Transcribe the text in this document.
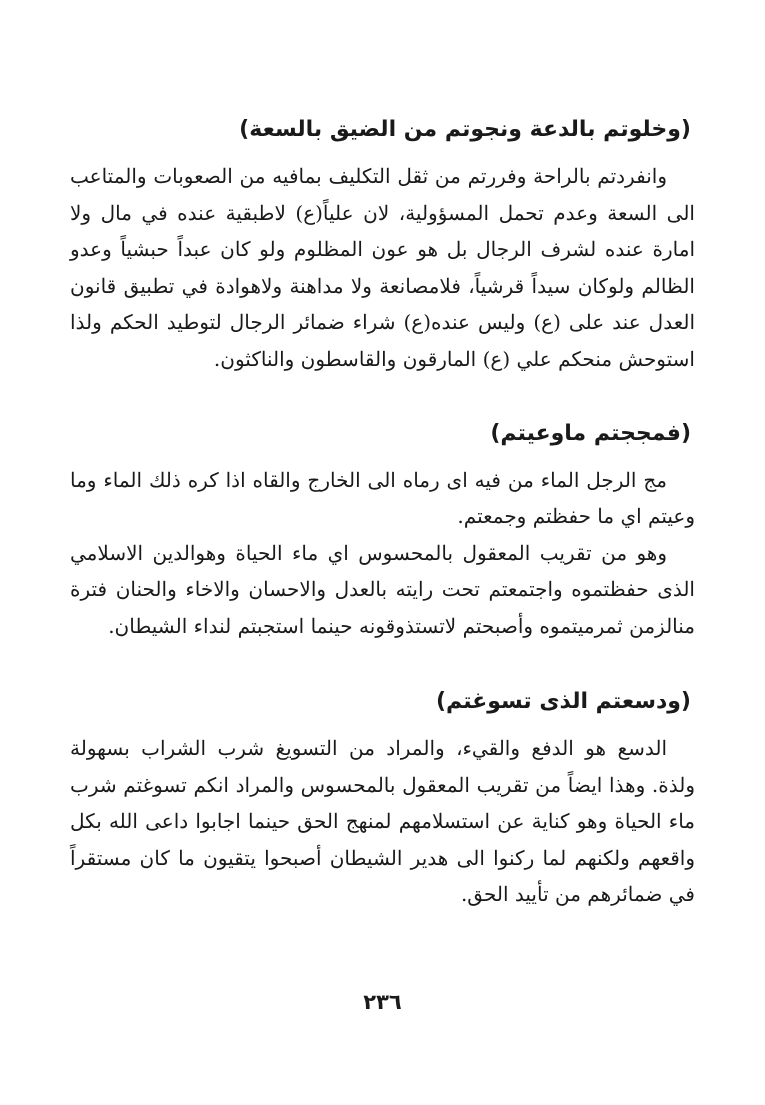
(وخلوتم بالدعة ونجوتم من الضيق بالسعة)

وانفردتم بالراحة وفررتم من ثقل التكليف بمافيه من الصعوبات والمتاعب الى السعة وعدم تحمل المسؤولية، لان علياً(ع) لاطبقية عنده في مال ولا امارة عنده لشرف الرجال بل هو عون المظلوم ولو كان عبداً حبشياً وعدو الظالم ولوكان سيداً قرشياً، فلامصانعة ولا مداهنة ولاهوادة في تطبيق قانون العدل عند على (ع) وليس عنده(ع) شراء ضمائر الرجال لتوطيد الحكم ولذا استوحش منحكم علي (ع) المارقون والقاسطون والناكثون.

(فمججتم ماوعيتم)

مج الرجل الماء من فيه اى رماه الى الخارج والقاه اذا كره ذلك الماء وما وعيتم اي ما حفظتم وجمعتم.

وهو من تقريب المعقول بالمحسوس اي ماء الحياة وهوالدين الاسلامي الذى حفظتموه واجتمعتم تحت رايته بالعدل والاحسان والاخاء والحنان فترة منالزمن ثمرميتموه وأصبحتم لاتستذوقونه حينما استجبتم لنداء الشيطان.

(ودسعتم الذى تسوغتم)

الدسع هو الدفع والقيء، والمراد من التسويغ شرب الشراب بسهولة ولذة. وهذا ايضاً من تقريب المعقول بالمحسوس والمراد انكم تسوغتم شرب ماء الحياة وهو كناية عن استسلامهم لمنهج الحق حينما اجابوا داعى الله بكل واقعهم ولكنهم لما ركنوا الى هدير الشيطان أصبحوا يتقيون ما كان مستقراً في ضمائرهم من تأييد الحق.

٢٣٦
